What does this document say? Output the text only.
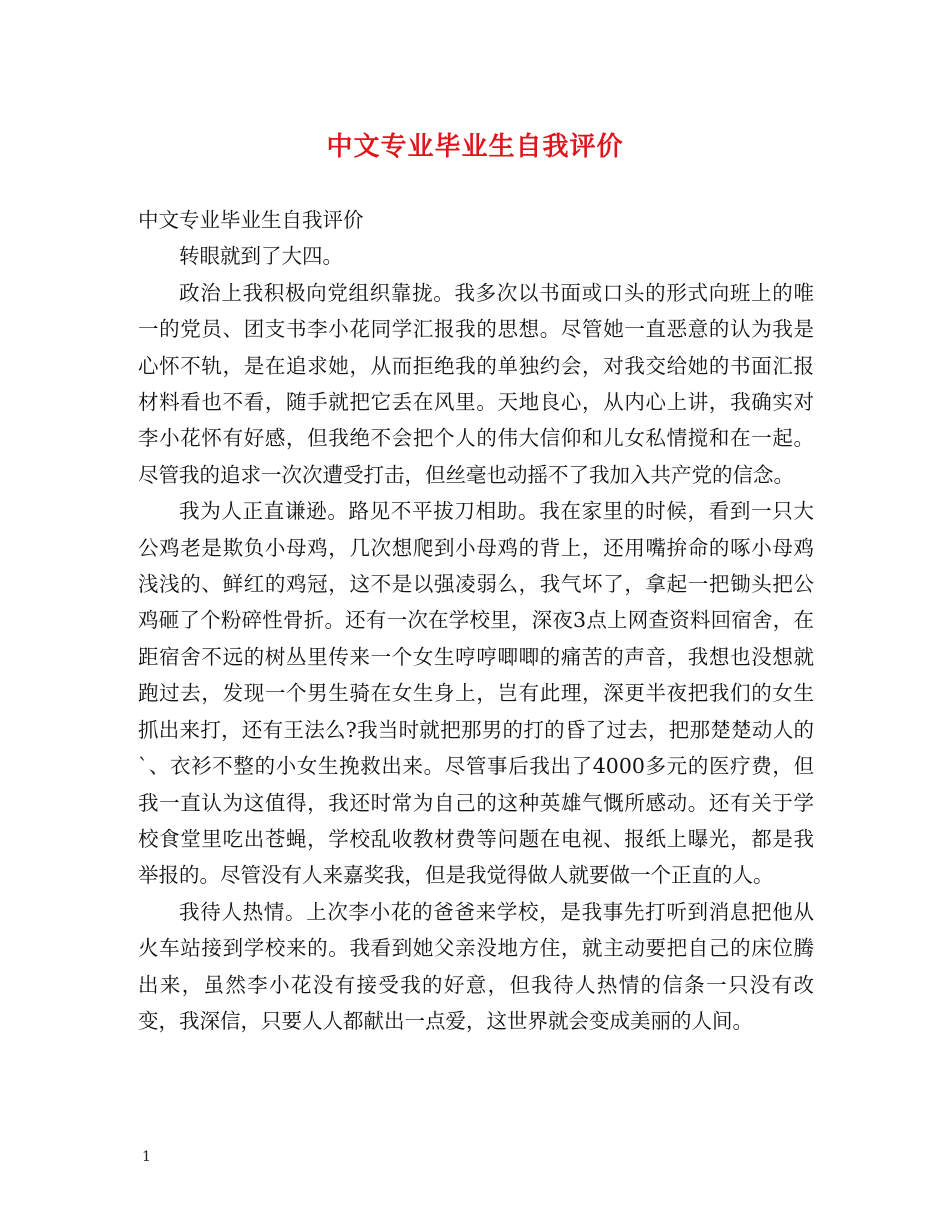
中文专业毕业生自我评价

中文专业毕业生自我评价

转眼就到了大四。

政治上我积极向党组织靠拢。我多次以书面或口头的形式向班上的唯一的党员、团支书李小花同学汇报我的思想。尽管她一直恶意的认为我是心怀不轨，是在追求她，从而拒绝我的单独约会，对我交给她的书面汇报材料看也不看，随手就把它丢在风里。天地良心，从内心上讲，我确实对李小花怀有好感，但我绝不会把个人的伟大信仰和儿女私情搅和在一起。尽管我的追求一次次遭受打击，但丝毫也动摇不了我加入共产党的信念。

我为人正直谦逊。路见不平拔刀相助。我在家里的时候，看到一只大公鸡老是欺负小母鸡，几次想爬到小母鸡的背上，还用嘴拚命的啄小母鸡浅浅的、鲜红的鸡冠，这不是以强凌弱么，我气坏了，拿起一把锄头把公鸡砸了个粉碎性骨折。还有一次在学校里，深夜3点上网查资料回宿舍，在距宿舍不远的树丛里传来一个女生哼哼唧唧的痛苦的声音，我想也没想就跑过去，发现一个男生骑在女生身上，岂有此理，深更半夜把我们的女生抓出来打，还有王法么?我当时就把那男的打的昏了过去，把那楚楚动人的`、衣衫不整的小女生挽救出来。尽管事后我出了4000多元的医疗费，但我一直认为这值得，我还时常为自己的这种英雄气慨所感动。还有关于学校食堂里吃出苍蝇，学校乱收教材费等问题在电视、报纸上曝光，都是我举报的。尽管没有人来嘉奖我，但是我觉得做人就要做一个正直的人。

我待人热情。上次李小花的爸爸来学校，是我事先打听到消息把他从火车站接到学校来的。我看到她父亲没地方住，就主动要把自己的床位腾出来，虽然李小花没有接受我的好意，但我待人热情的信条一只没有改变，我深信，只要人人都献出一点爱，这世界就会变成美丽的人间。

1
